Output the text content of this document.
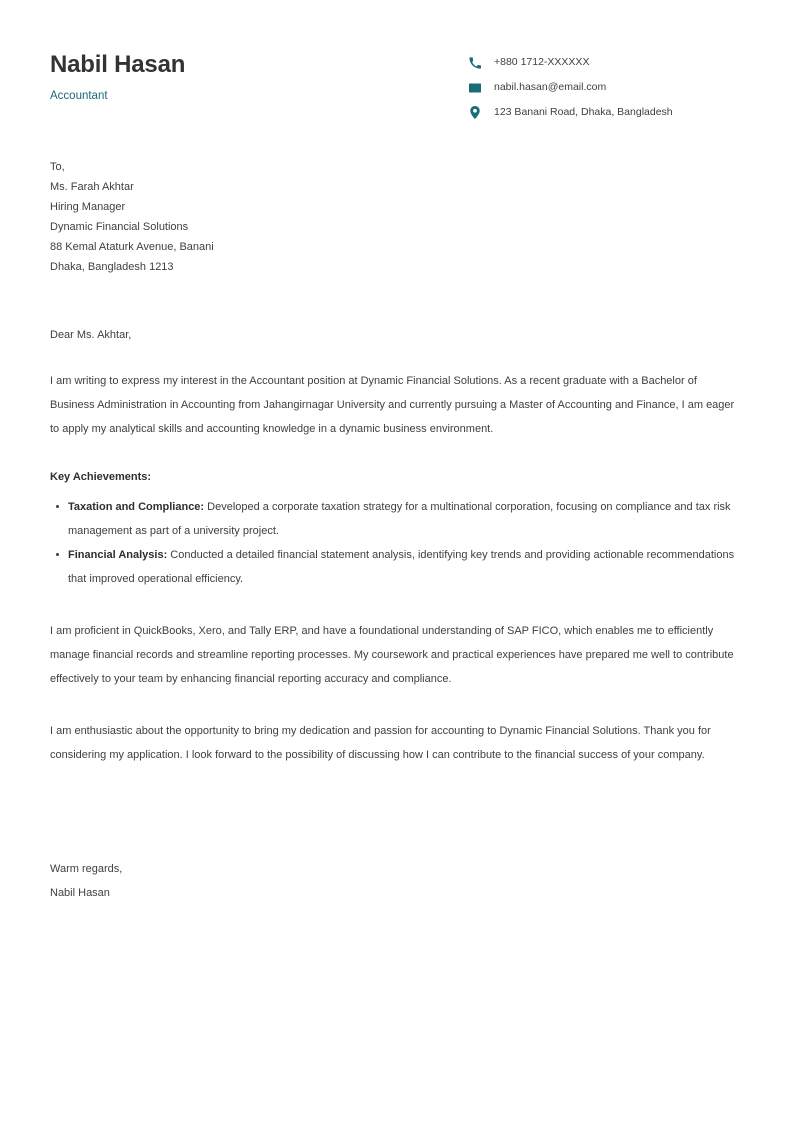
Nabil Hasan
Accountant
+880 1712-XXXXXX
nabil.hasan@email.com
123 Banani Road, Dhaka, Bangladesh
To,
Ms. Farah Akhtar
Hiring Manager
Dynamic Financial Solutions
88 Kemal Ataturk Avenue, Banani
Dhaka, Bangladesh 1213
Dear Ms. Akhtar,

I am writing to express my interest in the Accountant position at Dynamic Financial Solutions. As a recent graduate with a Bachelor of Business Administration in Accounting from Jahangirnagar University and currently pursuing a Master of Accounting and Finance, I am eager to apply my analytical skills and accounting knowledge in a dynamic business environment.

Key Achievements:
Taxation and Compliance: Developed a corporate taxation strategy for a multinational corporation, focusing on compliance and tax risk management as part of a university project.
Financial Analysis: Conducted a detailed financial statement analysis, identifying key trends and providing actionable recommendations that improved operational efficiency.

I am proficient in QuickBooks, Xero, and Tally ERP, and have a foundational understanding of SAP FICO, which enables me to efficiently manage financial records and streamline reporting processes. My coursework and practical experiences have prepared me well to contribute effectively to your team by enhancing financial reporting accuracy and compliance.

I am enthusiastic about the opportunity to bring my dedication and passion for accounting to Dynamic Financial Solutions. Thank you for considering my application. I look forward to the possibility of discussing how I can contribute to the financial success of your company.

Warm regards,
Nabil Hasan
